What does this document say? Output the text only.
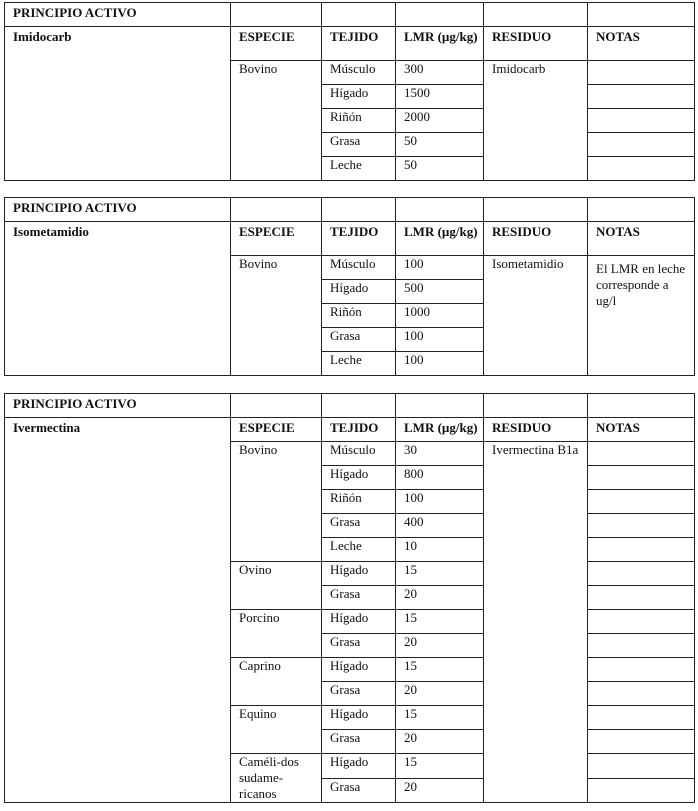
PRINCIPIO ACTIVO					
Imidocarb	ESPECIE	TEJIDO	LMR (µg/kg)	RESIDUO	NOTAS
	Bovino	Músculo	300	Imidocarb	
		Hígado	1500		
		Riñón	2000		
		Grasa	50		
		Leche	50		
PRINCIPIO ACTIVO					
Isometamidio	ESPECIE	TEJIDO	LMR (µg/kg)	RESIDUO	NOTAS
	Bovino	Músculo	100	Isometamidio	El LMR en leche corresponde a ug/l
		Hígado	500		
		Riñón	1000		
		Grasa	100		
		Leche	100		
PRINCIPIO ACTIVO					
Ivermectina	ESPECIE	TEJIDO	LMR (µg/kg)	RESIDUO	NOTAS
	Bovino	Músculo	30	Ivermectina B1a	
		Hígado	800		
		Riñón	100		
		Grasa	400		
		Leche	10		
	Ovino	Hígado	15		
		Grasa	20		
	Porcino	Hígado	15		
		Grasa	20		
	Caprino	Hígado	15		
		Grasa	20		
	Equino	Hígado	15		
		Grasa	20		
	Caméli-dos sudame-ricanos	Hígado	15		
		Grasa	20		
